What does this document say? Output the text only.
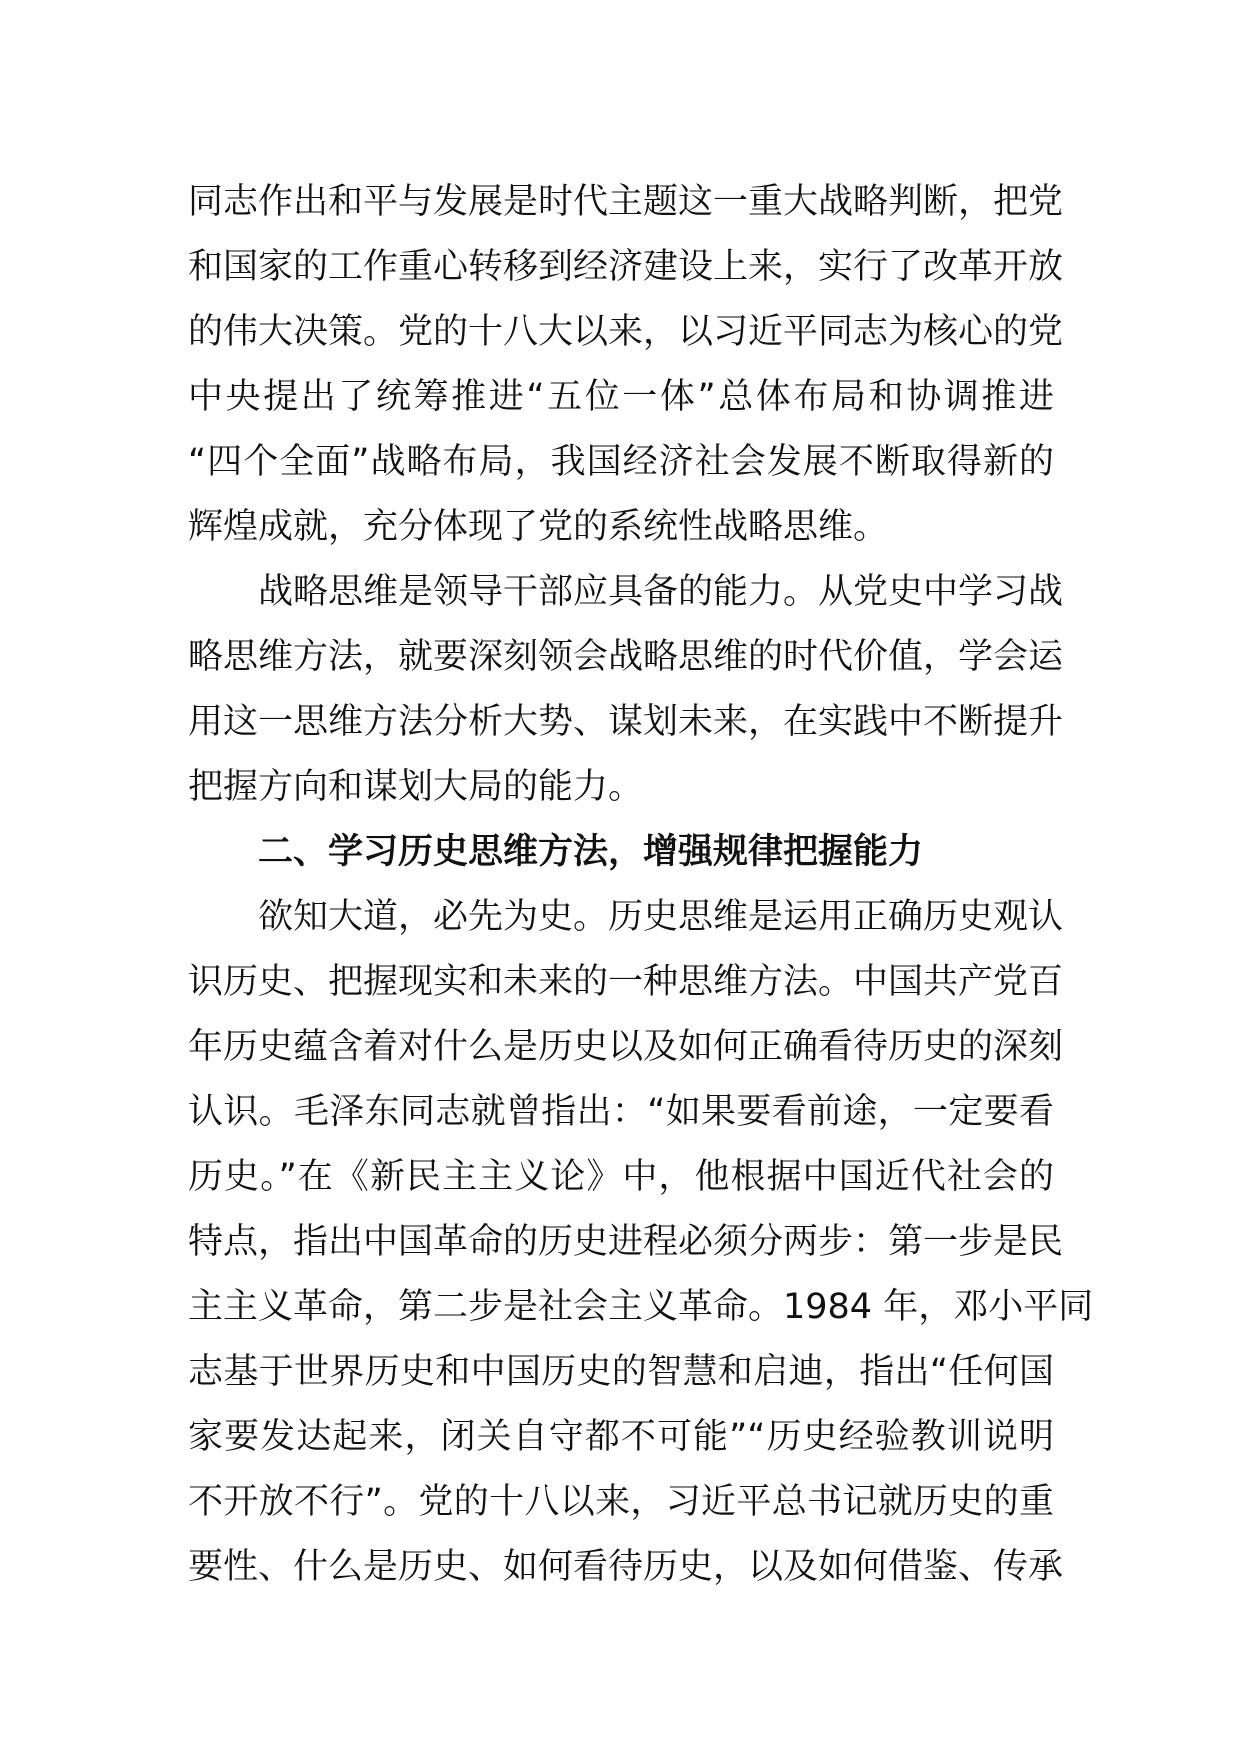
同志作出和平与发展是时代主题这一重大战略判断，把党
和国家的工作重心转移到经济建设上来，实行了改革开放
的伟大决策。党的十八大以来，以习近平同志为核心的党
中央提出了统筹推进“五位一体”总体布局和协调推进
“四个全面”战略布局，我国经济社会发展不断取得新的
辉煌成就，充分体现了党的系统性战略思维。
战略思维是领导干部应具备的能力。从党史中学习战
略思维方法，就要深刻领会战略思维的时代价值，学会运
用这一思维方法分析大势、谋划未来，在实践中不断提升
把握方向和谋划大局的能力。
二、学习历史思维方法，增强规律把握能力
欲知大道，必先为史。历史思维是运用正确历史观认
识历史、把握现实和未来的一种思维方法。中国共产党百
年历史蕴含着对什么是历史以及如何正确看待历史的深刻
认识。毛泽东同志就曾指出：“如果要看前途，一定要看
历史。”在《新民主主义论》中，他根据中国近代社会的
特点，指出中国革命的历史进程必须分两步：第一步是民
主主义革命，第二步是社会主义革命。1984 年，邓小平同
志基于世界历史和中国历史的智慧和启迪，指出“任何国
家要发达起来，闭关自守都不可能”“历史经验教训说明
不开放不行”。党的十八以来，习近平总书记就历史的重
要性、什么是历史、如何看待历史，以及如何借鉴、传承
